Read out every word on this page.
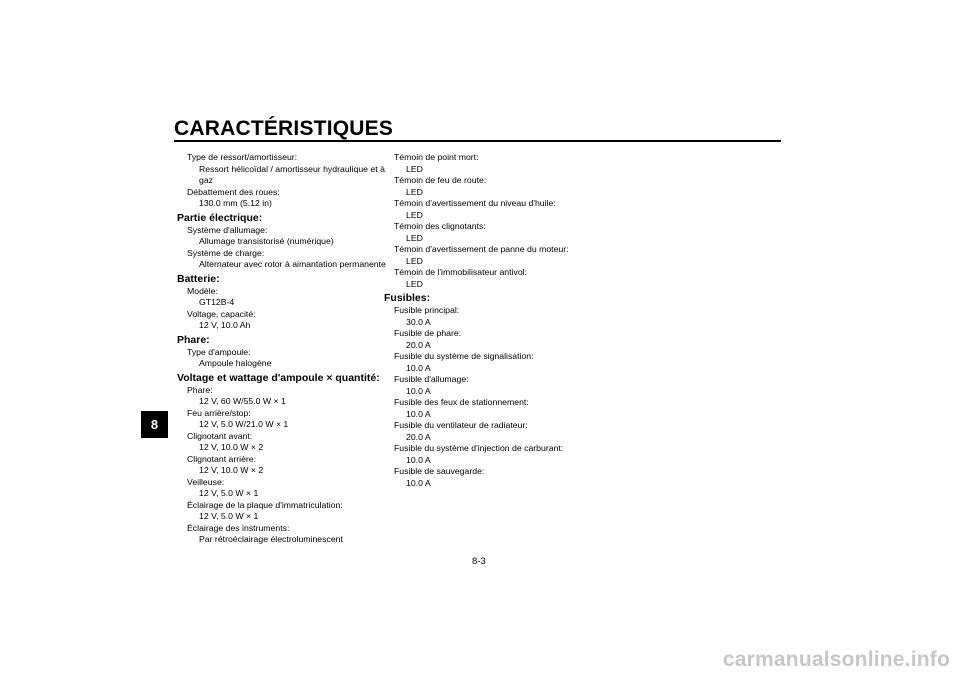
CARACTÉRISTIQUES
8
Type de ressort/amortisseur:
Ressort hélicoïdal / amortisseur hydraulique et à gaz
Débattement des roues:
130.0 mm (5.12 in)
Partie électrique:
Système d'allumage:
Allumage transistorisé (numérique)
Système de charge:
Alternateur avec rotor à aimantation permanente
Batterie:
Modèle:
GT12B-4
Voltage, capacité:
12 V, 10.0 Ah
Phare:
Type d'ampoule:
Ampoule halogène
Voltage et wattage d'ampoule × quantité:
Phare:
12 V, 60 W/55.0 W × 1
Feu arrière/stop:
12 V, 5.0 W/21.0 W × 1
Clignotant avant:
12 V, 10.0 W × 2
Clignotant arrière:
12 V, 10.0 W × 2
Veilleuse:
12 V, 5.0 W × 1
Éclairage de la plaque d'immatriculation:
12 V, 5.0 W × 1
Éclairage des instruments:
Par rétroéclairage électroluminescent
Témoin de point mort:
LED
Témoin de feu de route:
LED
Témoin d'avertissement du niveau d'huile:
LED
Témoin des clignotants:
LED
Témoin d'avertissement de panne du moteur:
LED
Témoin de l'immobilisateur antivol:
LED
Fusibles:
Fusible principal:
30.0 A
Fusible de phare:
20.0 A
Fusible du système de signalisation:
10.0 A
Fusible d'allumage:
10.0 A
Fusible des feux de stationnement:
10.0 A
Fusible du ventilateur de radiateur:
20.0 A
Fusible du système d'injection de carburant:
10.0 A
Fusible de sauvegarde:
10.0 A
8-3
carmanualsonline.info
